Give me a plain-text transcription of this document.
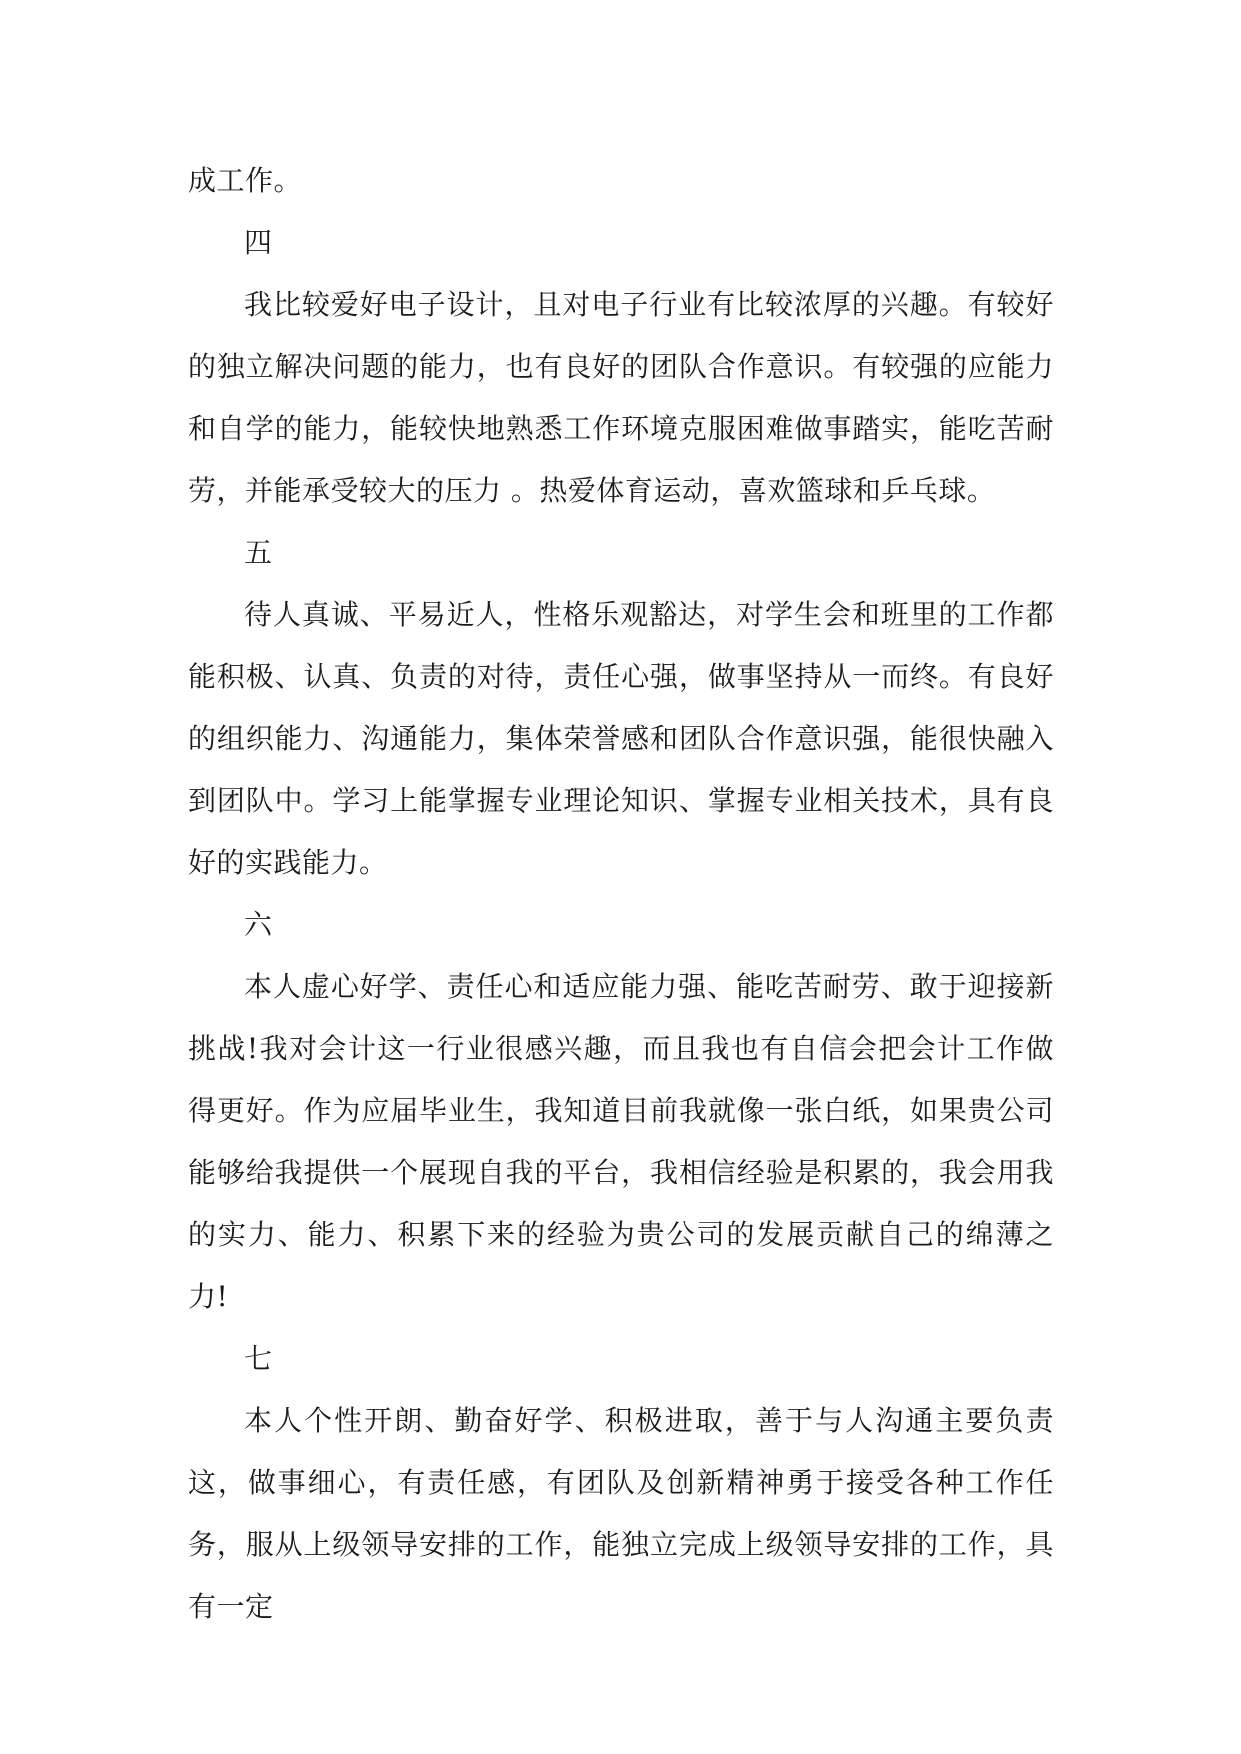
成工作。

四

我比较爱好电子设计，且对电子行业有比较浓厚的兴趣。有较好的独立解决问题的能力，也有良好的团队合作意识。有较强的应能力和自学的能力，能较快地熟悉工作环境克服困难做事踏实，能吃苦耐劳，并能承受较大的压力 。热爱体育运动，喜欢篮球和乒乓球。

五

待人真诚、平易近人，性格乐观豁达，对学生会和班里的工作都能积极、认真、负责的对待，责任心强，做事坚持从一而终。有良好的组织能力、沟通能力，集体荣誉感和团队合作意识强，能很快融入到团队中。学习上能掌握专业理论知识、掌握专业相关技术，具有良好的实践能力。

六

本人虚心好学、责任心和适应能力强、能吃苦耐劳、敢于迎接新挑战!我对会计这一行业很感兴趣，而且我也有自信会把会计工作做得更好。作为应届毕业生，我知道目前我就像一张白纸，如果贵公司能够给我提供一个展现自我的平台，我相信经验是积累的，我会用我的实力、能力、积累下来的经验为贵公司的发展贡献自己的绵薄之力!

七

本人个性开朗、勤奋好学、积极进取，善于与人沟通主要负责这，做事细心，有责任感，有团队及创新精神勇于接受各种工作任务，服从上级领导安排的工作，能独立完成上级领导安排的工作，具有一定
